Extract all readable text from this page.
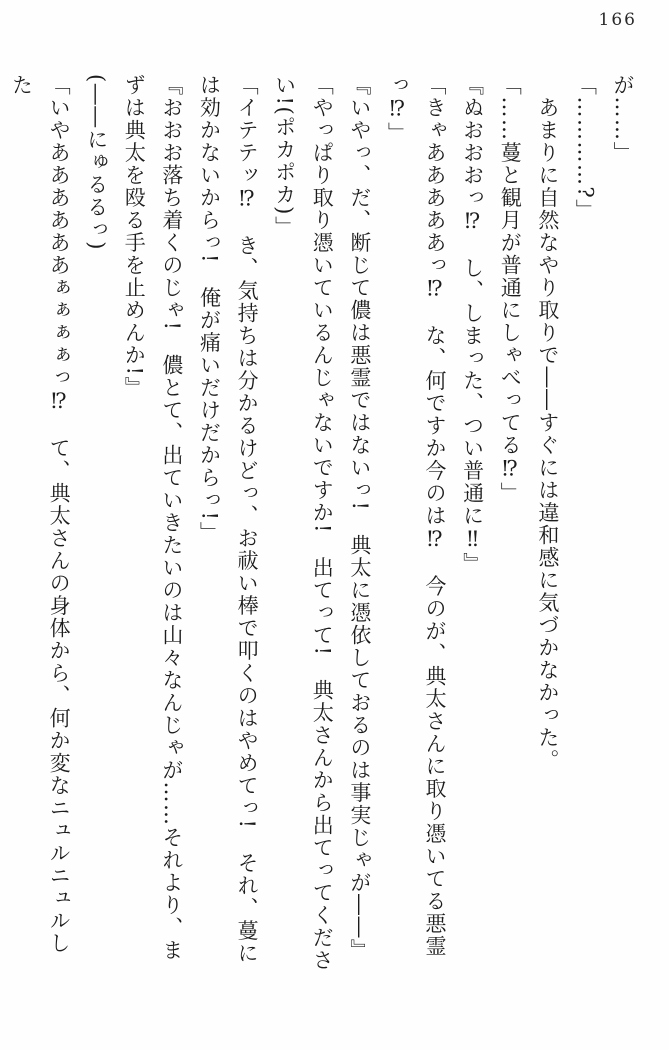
166

が……」

「…………?」

　あまりに自然なやり取りで――すぐには違和感に気づかなかった。

「……蔓と観月が普通にしゃべってる⁉」

『ぬおおおっ⁉　し、しまった、つい普通に‼』

「きゃあああああっ⁉　な、何ですか今のは⁉　今のが、典太さんに取り憑いてる悪霊っ⁉」

『いやっ、だ、断じて儂は悪霊ではないっ!　典太に憑依しておるのは事実じゃが――』

「やっぱり取り憑いているんじゃないですか!　出てって!　典太さんから出てってください!(ポカポカ)」

「イテテッ⁉　き、気持ちは分かるけどっ、お祓い棒で叩くのはやめてっ!　それ、蔓には効かないからっ!　俺が痛いだけだからっ!」

『おおお落ち着くのじゃ!　儂とて、出ていきたいのは山々なんじゃが……それより、まずは典太を殴る手を止めんか!』

(――にゅるるっ)

「いやああああああぁぁぁぁっ⁉　て、典太さんの身体から、何か変なニュルニュルした
